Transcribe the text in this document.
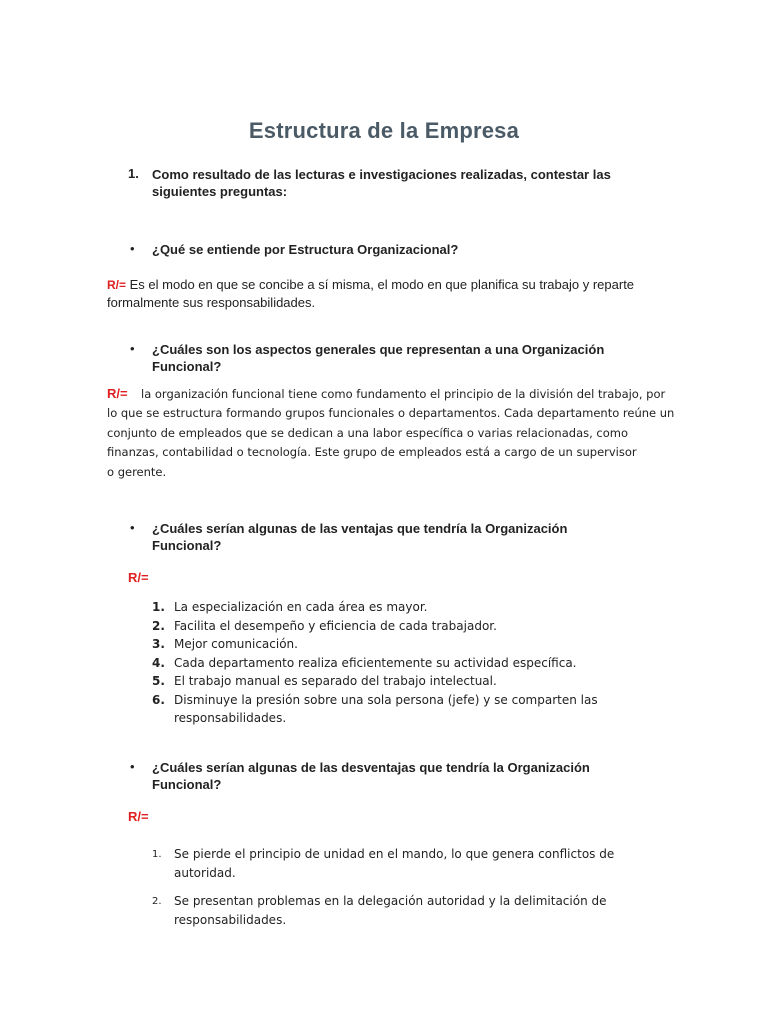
Estructura de la Empresa
1. Como resultado de las lecturas e investigaciones realizadas, contestar las siguientes preguntas:
• ¿Qué se entiende por Estructura Organizacional?
R/= Es el modo en que se concibe a sí misma, el modo en que planifica su trabajo y reparte formalmente sus responsabilidades.
• ¿Cuáles son los aspectos generales que representan a una Organización Funcional?
R/= la organización funcional tiene como fundamento el principio de la división del trabajo, por
lo que se estructura formando grupos funcionales o departamentos. Cada departamento reúne un
conjunto de empleados que se dedican a una labor específica o varias relacionadas, como
finanzas, contabilidad o tecnología. Este grupo de empleados está a cargo de un supervisor
o gerente.
• ¿Cuáles serían algunas de las ventajas que tendría la Organización Funcional?
R/=
1. La especialización en cada área es mayor.
2. Facilita el desempeño y eficiencia de cada trabajador.
3. Mejor comunicación.
4. Cada departamento realiza eficientemente su actividad específica.
5. El trabajo manual es separado del trabajo intelectual.
6. Disminuye la presión sobre una sola persona (jefe) y se comparten las responsabilidades.
• ¿Cuáles serían algunas de las desventajas que tendría la Organización Funcional?
R/=
1. Se pierde el principio de unidad en el mando, lo que genera conflictos de autoridad.
2. Se presentan problemas en la delegación autoridad y la delimitación de responsabilidades.
